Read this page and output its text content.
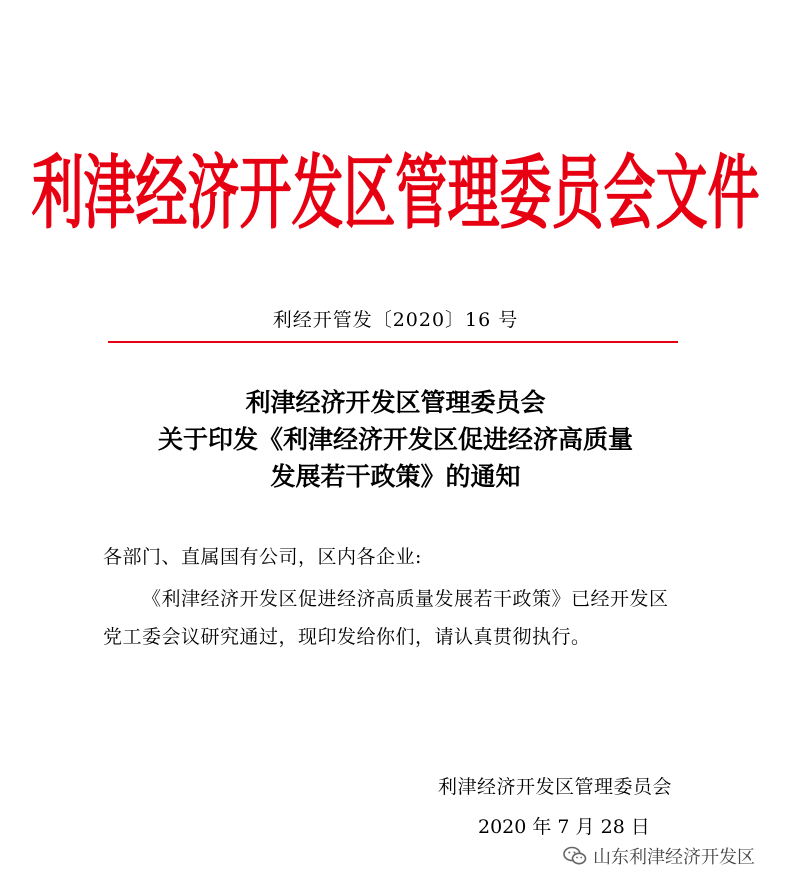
利津经济开发区管理委员会文件
利经开管发〔2020〕16 号
利津经济开发区管理委员会
关于印发《利津经济开发区促进经济高质量
发展若干政策》的通知
各部门、直属国有公司，区内各企业:
《利津经济开发区促进经济高质量发展若干政策》已经开发区
党工委会议研究通过，现印发给你们，请认真贯彻执行。
利津经济开发区管理委员会
2020 年 7 月 28 日
山东利津经济开发区
